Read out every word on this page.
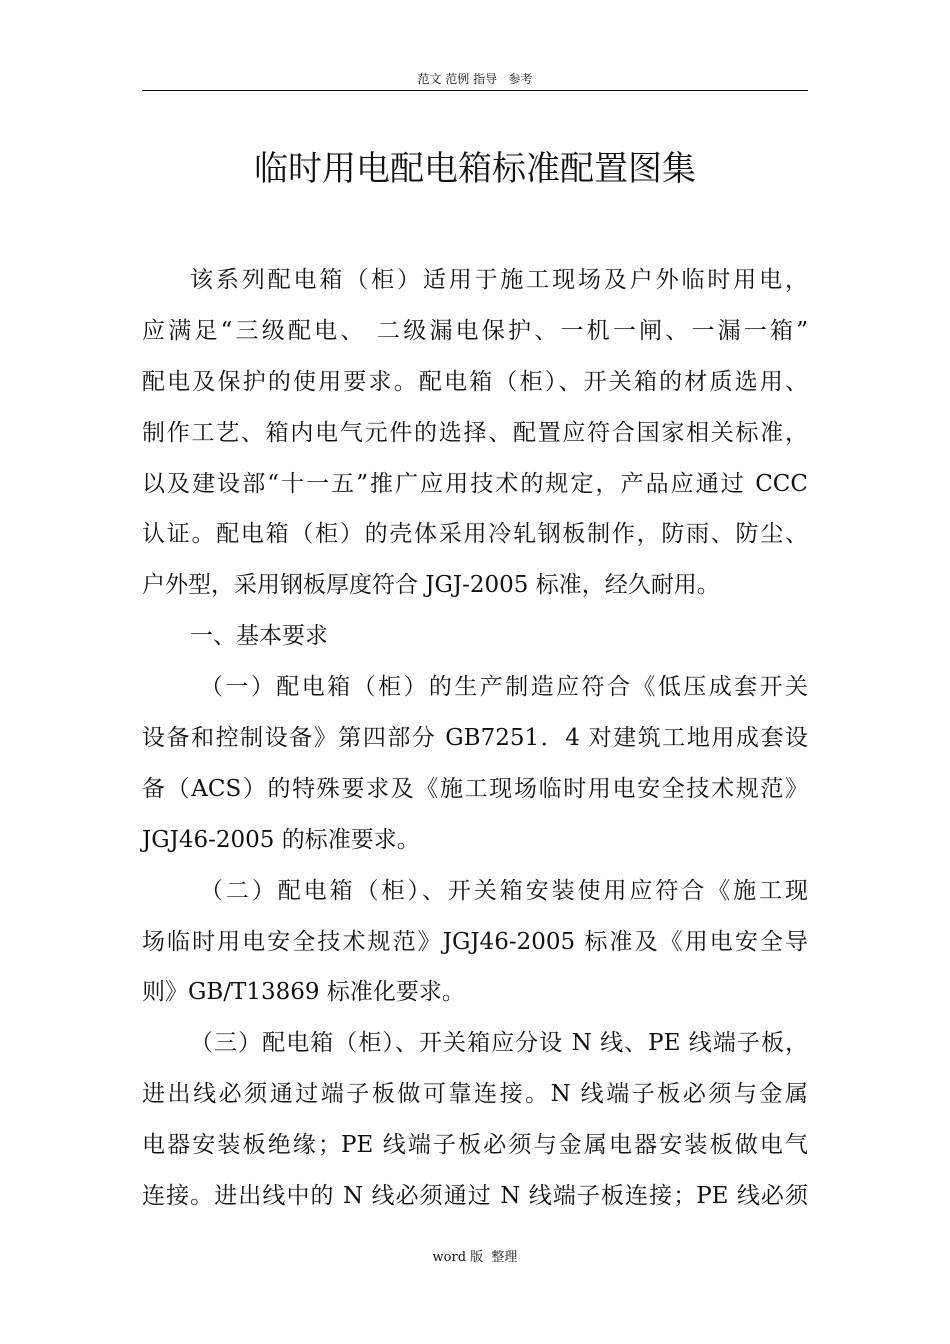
范文 范例 指导   参考
临时用电配电箱标准配置图集
该系列配电箱（柜）适用于施工现场及户外临时用电，
应满足“三级配电、 二级漏电保护、一机一闸、一漏一箱”
配电及保护的使用要求。配电箱（柜）、开关箱的材质选用、
制作工艺、箱内电气元件的选择、配置应符合国家相关标准，
以及建设部“十一五”推广应用技术的规定，产品应通过 CCC
认证。配电箱（柜）的壳体采用冷轧钢板制作，防雨、防尘、
户外型，采用钢板厚度符合 JGJ-2005 标准，经久耐用。
一、基本要求
（一）配电箱（柜）的生产制造应符合《低压成套开关
设备和控制设备》第四部分 GB7251．4 对建筑工地用成套设
备（ACS）的特殊要求及《施工现场临时用电安全技术规范》
JGJ46-2005 的标准要求。
（二）配电箱（柜）、开关箱安装使用应符合《施工现
场临时用电安全技术规范》JGJ46-2005 标准及《用电安全导
则》GB/T13869 标准化要求。
（三）配电箱（柜）、开关箱应分设 N 线、PE 线端子板，
进出线必须通过端子板做可靠连接。N 线端子板必须与金属
电器安装板绝缘；PE 线端子板必须与金属电器安装板做电气
连接。进出线中的 N 线必须通过 N 线端子板连接；PE 线必须
word 版  整理
